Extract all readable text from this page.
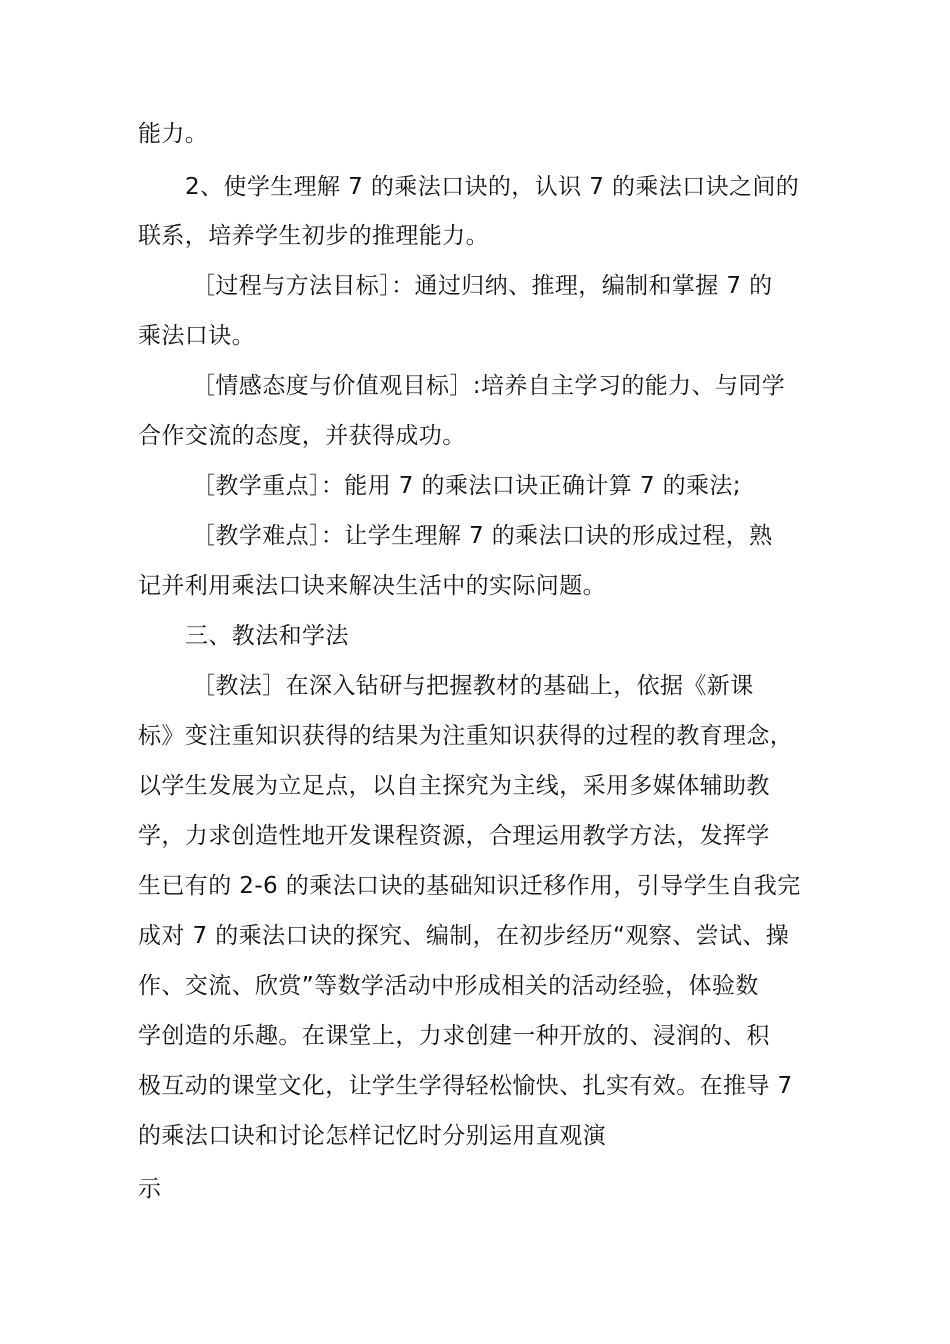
能力。
2、使学生理解 7 的乘法口诀的，认识 7 的乘法口诀之间的
联系，培养学生初步的推理能力。
［过程与方法目标］：通过归纳、推理，编制和掌握 7 的
乘法口诀。
［情感态度与价值观目标］:培养自主学习的能力、与同学
合作交流的态度，并获得成功。
［教学重点］：能用 7 的乘法口诀正确计算 7 的乘法;
［教学难点］：让学生理解 7 的乘法口诀的形成过程，熟
记并利用乘法口诀来解决生活中的实际问题。
三、教法和学法
［教法］在深入钻研与把握教材的基础上，依据《新课
标》变注重知识获得的结果为注重知识获得的过程的教育理念，
以学生发展为立足点，以自主探究为主线，采用多媒体辅助教
学，力求创造性地开发课程资源，合理运用教学方法，发挥学
生已有的 2-6 的乘法口诀的基础知识迁移作用，引导学生自我完
成对 7 的乘法口诀的探究、编制，在初步经历“观察、尝试、操
作、交流、欣赏”等数学活动中形成相关的活动经验，体验数
学创造的乐趣。在课堂上，力求创建一种开放的、浸润的、积
极互动的课堂文化，让学生学得轻松愉快、扎实有效。在推导 7
的乘法口诀和讨论怎样记忆时分别运用直观演
示
